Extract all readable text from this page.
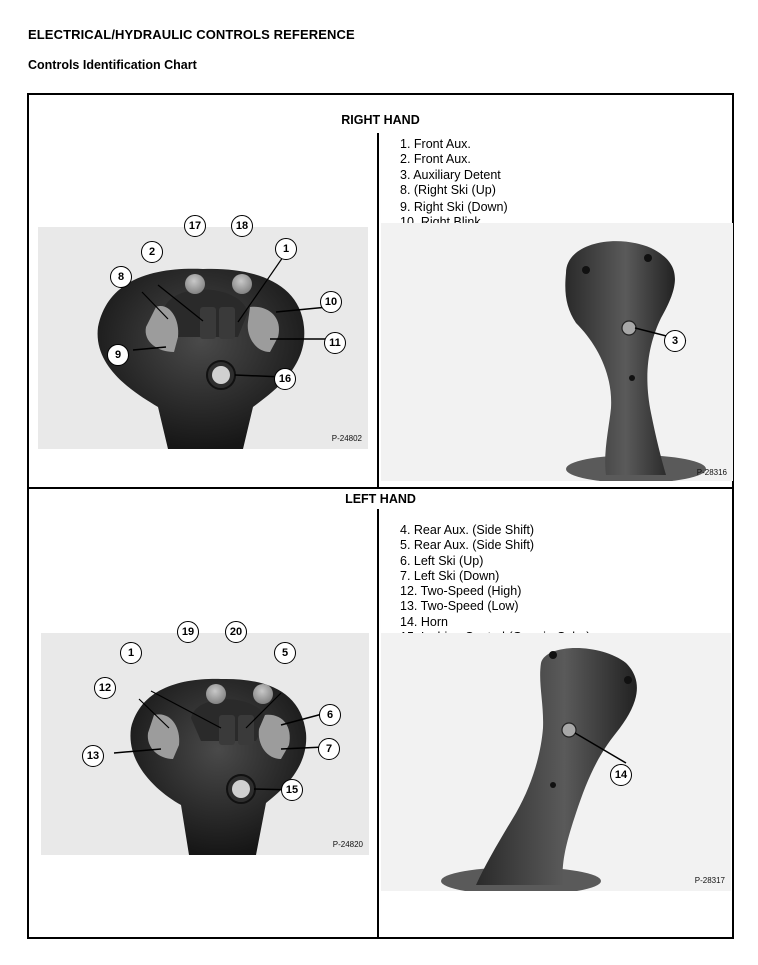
ELECTRICAL/HYDRAULIC CONTROLS REFERENCE
Controls Identification Chart
RIGHT HAND
1. Front Aux.
2. Front Aux.
3. Auxiliary Detent
8. (Right Ski (Up)
9. Right Ski (Down)
P-24802
17	18
2	1
8
10
11
9
16
P-28316
3
LEFT HAND
4. Rear Aux. (Side Shift)
5. Rear Aux. (Side Shift)
6. Left Ski (Up)
7. Left Ski (Down)
12. Two-Speed (High)
13. Two-Speed (Low)
14. Horn
P-24820
19	20
1	5
12
6
7
13
15
P-28317
14
